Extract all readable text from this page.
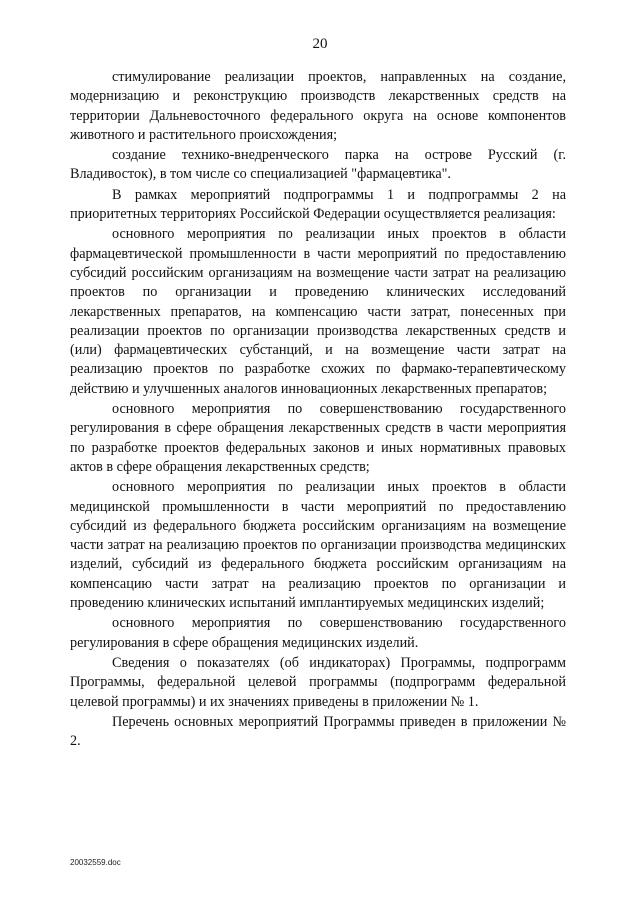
20

стимулирование реализации проектов, направленных на создание, модернизацию и реконструкцию производств лекарственных средств на территории Дальневосточного федерального округа на основе компонентов животного и растительного происхождения;

создание технико-внедренческого парка на острове Русский (г. Владивосток), в том числе со специализацией "фармацевтика".

В рамках мероприятий подпрограммы 1 и подпрограммы 2 на приоритетных территориях Российской Федерации осуществляется реализация:

основного мероприятия по реализации иных проектов в области фармацевтической промышленности в части мероприятий по предоставлению субсидий российским организациям на возмещение части затрат на реализацию проектов по организации и проведению клинических исследований лекарственных препаратов, на компенсацию части затрат, понесенных при реализации проектов по организации производства лекарственных средств и (или) фармацевтических субстанций, и на возмещение части затрат на реализацию проектов по разработке схожих по фармако-терапевтическому действию и улучшенных аналогов инновационных лекарственных препаратов;

основного мероприятия по совершенствованию государственного регулирования в сфере обращения лекарственных средств в части мероприятия по разработке проектов федеральных законов и иных нормативных правовых актов в сфере обращения лекарственных средств;

основного мероприятия по реализации иных проектов в области медицинской промышленности в части мероприятий по предоставлению субсидий из федерального бюджета российским организациям на возмещение части затрат на реализацию проектов по организации производства медицинских изделий, субсидий из федерального бюджета российским организациям на компенсацию части затрат на реализацию проектов по организации и проведению клинических испытаний имплантируемых медицинских изделий;

основного мероприятия по совершенствованию государственного регулирования в сфере обращения медицинских изделий.

Сведения о показателях (об индикаторах) Программы, подпрограмм Программы, федеральной целевой программы (подпрограмм федеральной целевой программы) и их значениях приведены в приложении № 1.

Перечень основных мероприятий Программы приведен в приложении № 2.

20032559.doc
